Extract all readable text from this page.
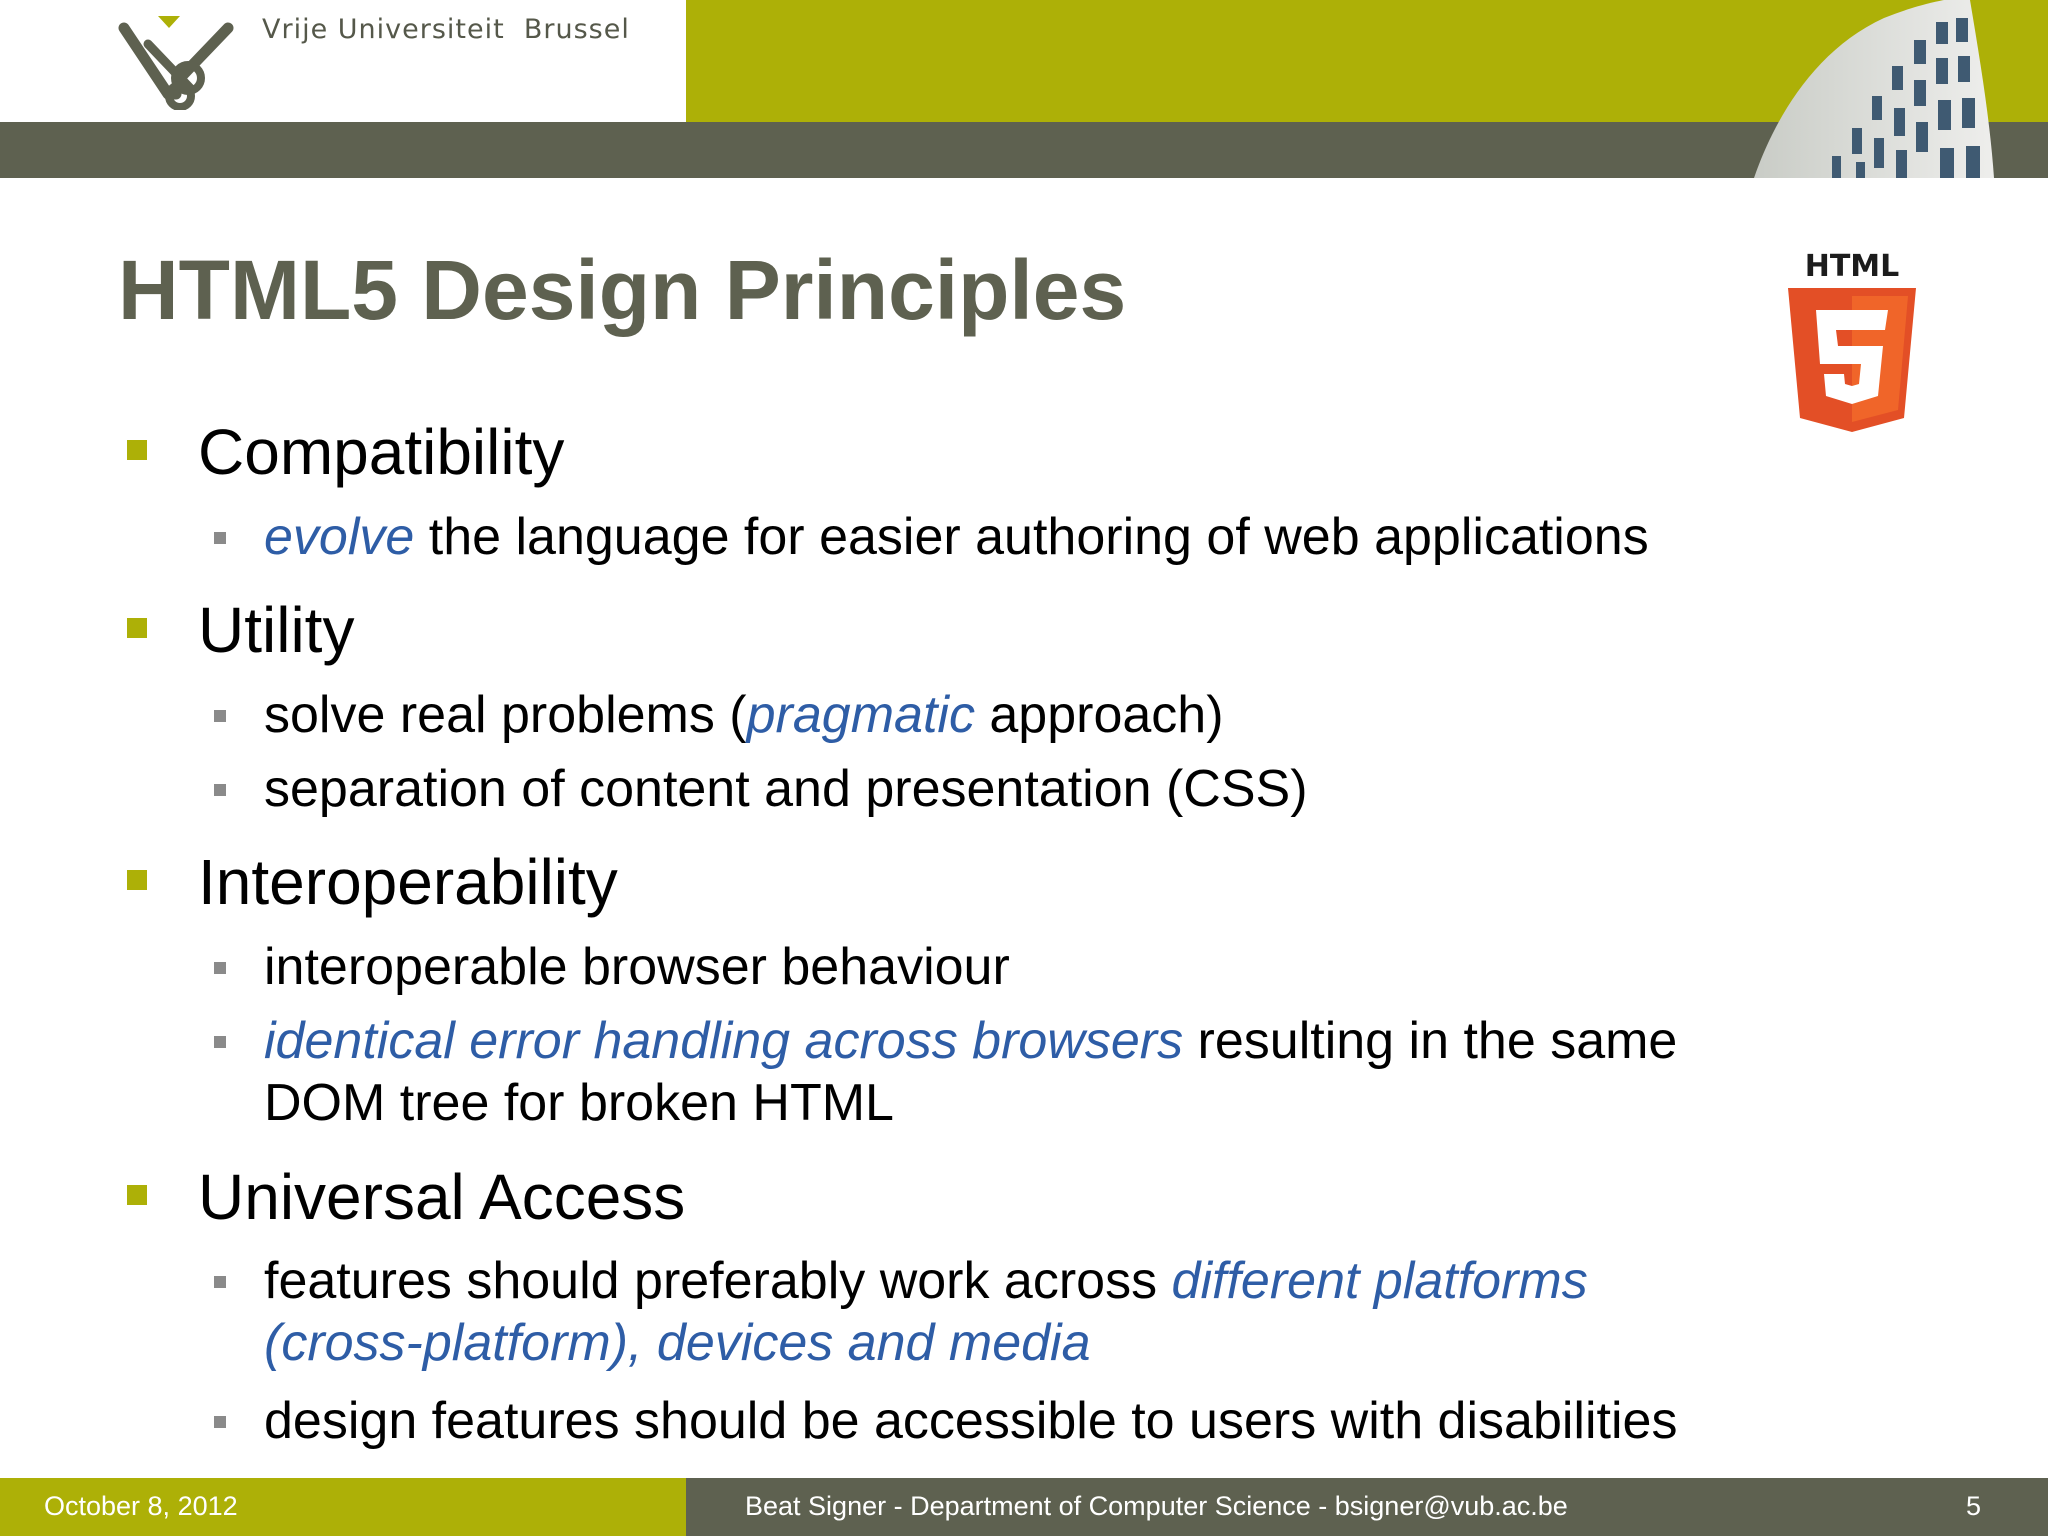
Vrije Universiteit  Brussel
HTML5 Design Principles	HTML
Compatibility
evolve the language for easier authoring of web applications
Utility
solve real problems (pragmatic approach)
separation of content and presentation (CSS)
Interoperability
interoperable browser behaviour
identical error handling across browsers resulting in the same
DOM tree for broken HTML
Universal Access
features should preferably work across different platforms
(cross-platform), devices and media
design features should be accessible to users with disabilities
October 8, 2012	Beat Signer - Department of Computer Science - bsigner@vub.ac.be	5
